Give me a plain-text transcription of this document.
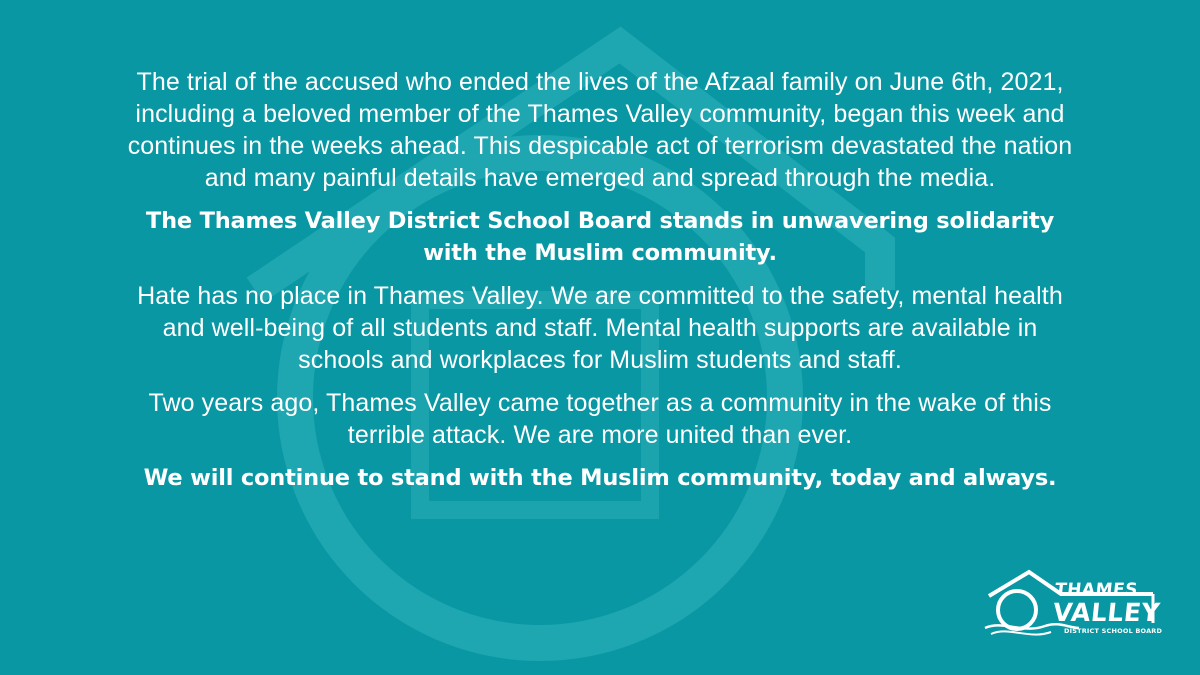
The trial of the accused who ended the lives of the Afzaal family on June 6th, 2021, including a beloved member of the Thames Valley community, began this week and continues in the weeks ahead. This despicable act of terrorism devastated the nation and many painful details have emerged and spread through the media.

The Thames Valley District School Board stands in unwavering solidarity with the Muslim community.

Hate has no place in Thames Valley. We are committed to the safety, mental health and well-being of all students and staff. Mental health supports are available in schools and workplaces for Muslim students and staff.

Two years ago, Thames Valley came together as a community in the wake of this terrible attack. We are more united than ever.

We will continue to stand with the Muslim community, today and always.

THAMES
VALLEY
DISTRICT SCHOOL BOARD
